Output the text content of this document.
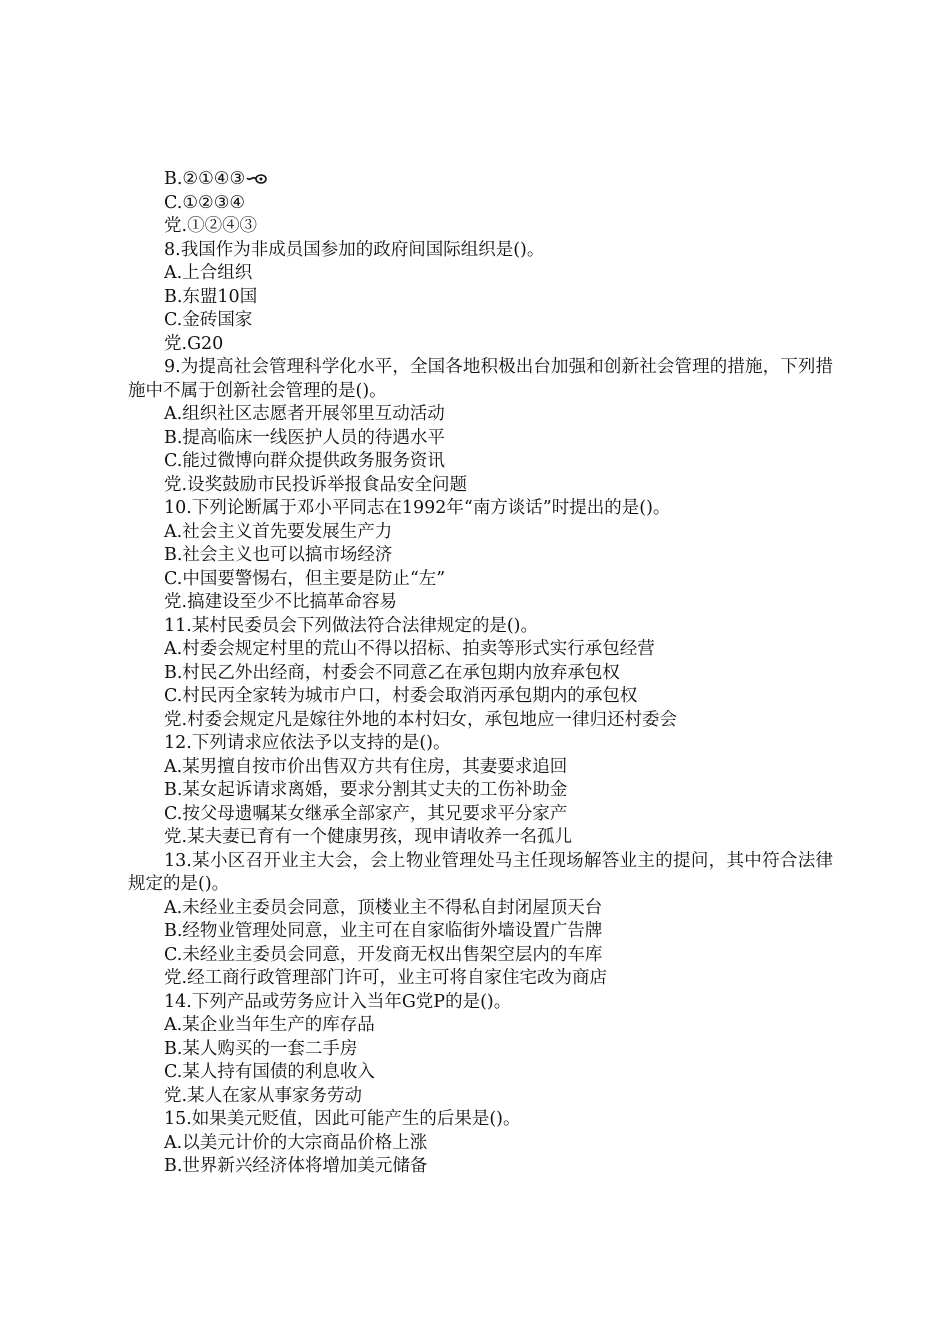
B.②①④③
C.①②③④
党.①②④③
8.我国作为非成员国参加的政府间国际组织是()。
A.上合组织
B.东盟10国
C.金砖国家
党.G20
9.为提高社会管理科学化水平，全国各地积极出台加强和创新社会管理的措施，下列措施中不属于创新社会管理的是()。
A.组织社区志愿者开展邻里互动活动
B.提高临床一线医护人员的待遇水平
C.能过微博向群众提供政务服务资讯
党.设奖鼓励市民投诉举报食品安全问题
10.下列论断属于邓小平同志在1992年“南方谈话”时提出的是()。
A.社会主义首先要发展生产力
B.社会主义也可以搞市场经济
C.中国要警惕右，但主要是防止“左”
党.搞建设至少不比搞革命容易
11.某村民委员会下列做法符合法律规定的是()。
A.村委会规定村里的荒山不得以招标、拍卖等形式实行承包经营
B.村民乙外出经商，村委会不同意乙在承包期内放弃承包权
C.村民丙全家转为城市户口，村委会取消丙承包期内的承包权
党.村委会规定凡是嫁往外地的本村妇女，承包地应一律归还村委会
12.下列请求应依法予以支持的是()。
A.某男擅自按市价出售双方共有住房，其妻要求追回
B.某女起诉请求离婚，要求分割其丈夫的工伤补助金
C.按父母遗嘱某女继承全部家产，其兄要求平分家产
党.某夫妻已育有一个健康男孩，现申请收养一名孤儿
13.某小区召开业主大会，会上物业管理处马主任现场解答业主的提问，其中符合法律规定的是()。
A.未经业主委员会同意，顶楼业主不得私自封闭屋顶天台
B.经物业管理处同意，业主可在自家临街外墙设置广告牌
C.未经业主委员会同意，开发商无权出售架空层内的车库
党.经工商行政管理部门许可，业主可将自家住宅改为商店
14.下列产品或劳务应计入当年G党P的是()。
A.某企业当年生产的库存品
B.某人购买的一套二手房
C.某人持有国债的利息收入
党.某人在家从事家务劳动
15.如果美元贬值，因此可能产生的后果是()。
A.以美元计价的大宗商品价格上涨
B.世界新兴经济体将增加美元储备
